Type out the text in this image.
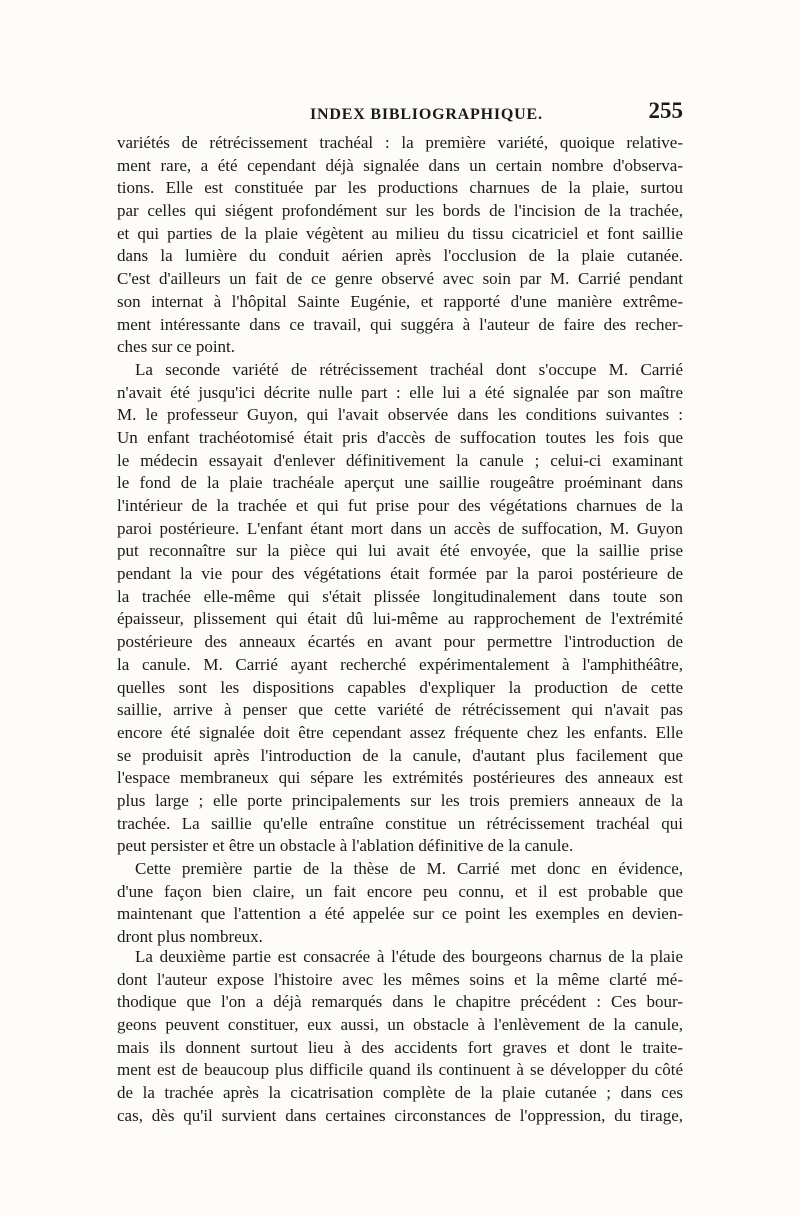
INDEX BIBLIOGRAPHIQUE.	255
variétés de rétrécissement trachéal : la première variété, quoique relative-
ment rare, a été cependant déjà signalée dans un certain nombre d'observa-
tions. Elle est constituée par les productions charnues de la plaie, surtou
par celles qui siégent profondément sur les bords de l'incision de la trachée,
et qui parties de la plaie végètent au milieu du tissu cicatriciel et font saillie
dans la lumière du conduit aérien après l'occlusion de la plaie cutanée.
C'est d'ailleurs un fait de ce genre observé avec soin par M. Carrié pendant
son internat à l'hôpital Sainte Eugénie, et rapporté d'une manière extrême-
ment intéressante dans ce travail, qui suggéra à l'auteur de faire des recher-
ches sur ce point.
La seconde variété de rétrécissement trachéal dont s'occupe M. Carrié
n'avait été jusqu'ici décrite nulle part : elle lui a été signalée par son maître
M. le professeur Guyon, qui l'avait observée dans les conditions suivantes :
Un enfant trachéotomisé était pris d'accès de suffocation toutes les fois que
le médecin essayait d'enlever définitivement la canule ; celui-ci examinant
le fond de la plaie trachéale aperçut une saillie rougeâtre proéminant dans
l'intérieur de la trachée et qui fut prise pour des végétations charnues de la
paroi postérieure. L'enfant étant mort dans un accès de suffocation, M. Guyon
put reconnaître sur la pièce qui lui avait été envoyée, que la saillie prise
pendant la vie pour des végétations était formée par la paroi postérieure de
la trachée elle-même qui s'était plissée longitudinalement dans toute son
épaisseur, plissement qui était dû lui-même au rapprochement de l'extrémité
postérieure des anneaux écartés en avant pour permettre l'introduction de
la canule. M. Carrié ayant recherché expérimentalement à l'amphithéâtre,
quelles sont les dispositions capables d'expliquer la production de cette
saillie, arrive à penser que cette variété de rétrécissement qui n'avait pas
encore été signalée doit être cependant assez fréquente chez les enfants. Elle
se produisit après l'introduction de la canule, d'autant plus facilement que
l'espace membraneux qui sépare les extrémités postérieures des anneaux est
plus large ; elle porte principalements sur les trois premiers anneaux de la
trachée. La saillie qu'elle entraîne constitue un rétrécissement trachéal qui
peut persister et être un obstacle à l'ablation définitive de la canule.
Cette première partie de la thèse de M. Carrié met donc en évidence,
d'une façon bien claire, un fait encore peu connu, et il est probable que
maintenant que l'attention a été appelée sur ce point les exemples en devien-
dront plus nombreux.
La deuxième partie est consacrée à l'étude des bourgeons charnus de la plaie
dont l'auteur expose l'histoire avec les mêmes soins et la même clarté mé-
thodique que l'on a déjà remarqués dans le chapitre précédent : Ces bour-
geons peuvent constituer, eux aussi, un obstacle à l'enlèvement de la canule,
mais ils donnent surtout lieu à des accidents fort graves et dont le traite-
ment est de beaucoup plus difficile quand ils continuent à se développer du côté
de la trachée après la cicatrisation complète de la plaie cutanée ; dans ces
cas, dès qu'il survient dans certaines circonstances de l'oppression, du tirage,
